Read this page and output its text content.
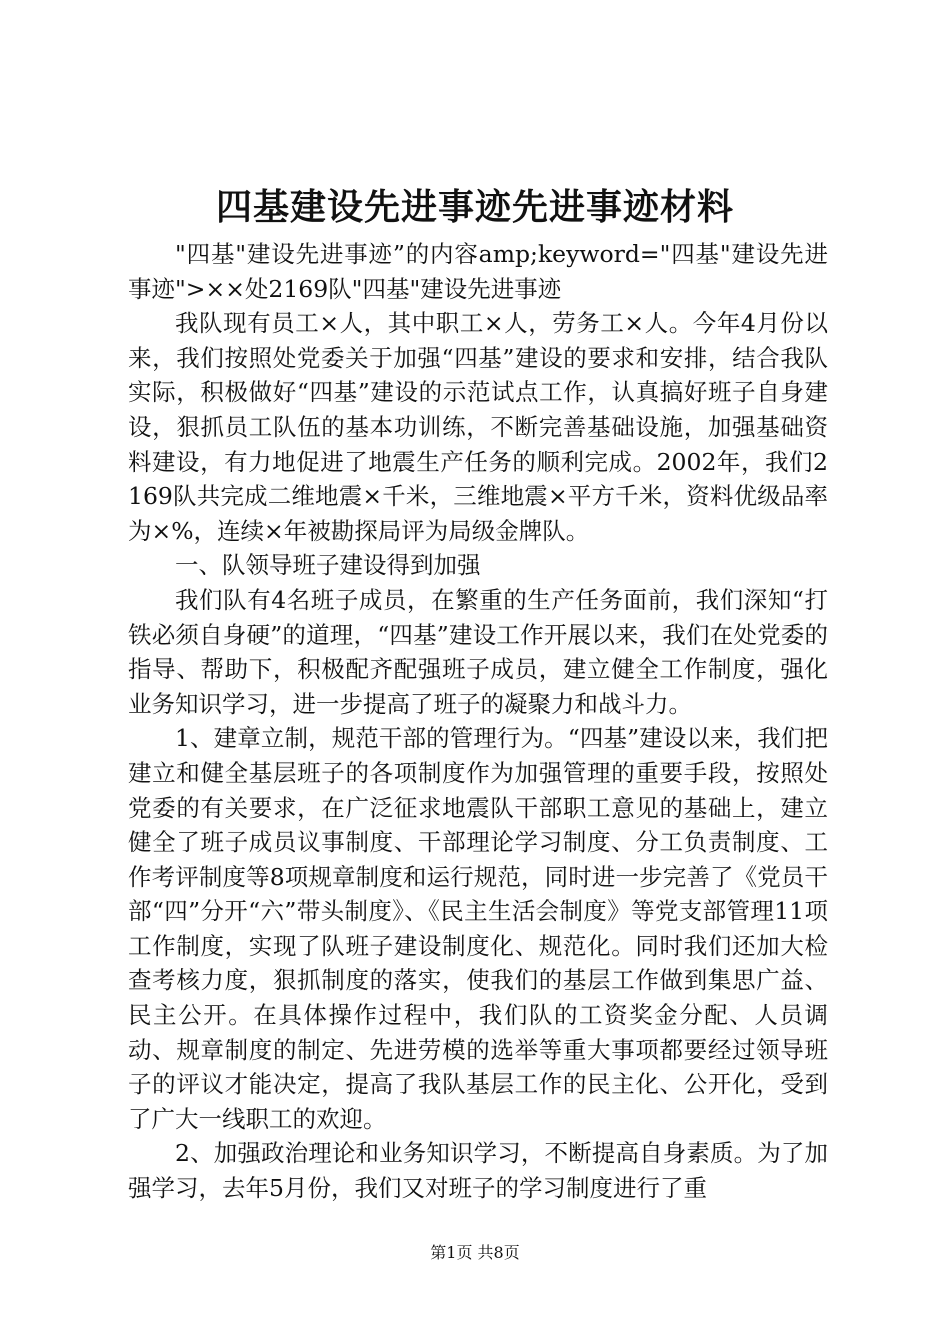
四基建设先进事迹先进事迹材料

"四基"建设先进事迹”的内容amp;keyword="四基"建设先进事迹">××处2169队"四基"建设先进事迹

我队现有员工×人，其中职工×人，劳务工×人。今年4月份以来，我们按照处党委关于加强“四基”建设的要求和安排，结合我队实际，积极做好“四基”建设的示范试点工作，认真搞好班子自身建设，狠抓员工队伍的基本功训练，不断完善基础设施，加强基础资料建设，有力地促进了地震生产任务的顺利完成。2002年，我们2169队共完成二维地震×千米，三维地震×平方千米，资料优级品率为×%，连续×年被勘探局评为局级金牌队。

一、队领导班子建设得到加强

我们队有4名班子成员，在繁重的生产任务面前，我们深知“打铁必须自身硬”的道理，“四基”建设工作开展以来，我们在处党委的指导、帮助下，积极配齐配强班子成员，建立健全工作制度，强化业务知识学习，进一步提高了班子的凝聚力和战斗力。

1、建章立制，规范干部的管理行为。“四基”建设以来，我们把建立和健全基层班子的各项制度作为加强管理的重要手段，按照处党委的有关要求，在广泛征求地震队干部职工意见的基础上，建立健全了班子成员议事制度、干部理论学习制度、分工负责制度、工作考评制度等8项规章制度和运行规范，同时进一步完善了《党员干部“四”分开“六”带头制度》、《民主生活会制度》等党支部管理11项工作制度，实现了队班子建设制度化、规范化。同时我们还加大检查考核力度，狠抓制度的落实，使我们的基层工作做到集思广益、民主公开。在具体操作过程中，我们队的工资奖金分配、人员调动、规章制度的制定、先进劳模的选举等重大事项都要经过领导班子的评议才能决定，提高了我队基层工作的民主化、公开化，受到了广大一线职工的欢迎。

2、加强政治理论和业务知识学习，不断提高自身素质。为了加强学习，去年5月份，我们又对班子的学习制度进行了重

第1页 共8页
